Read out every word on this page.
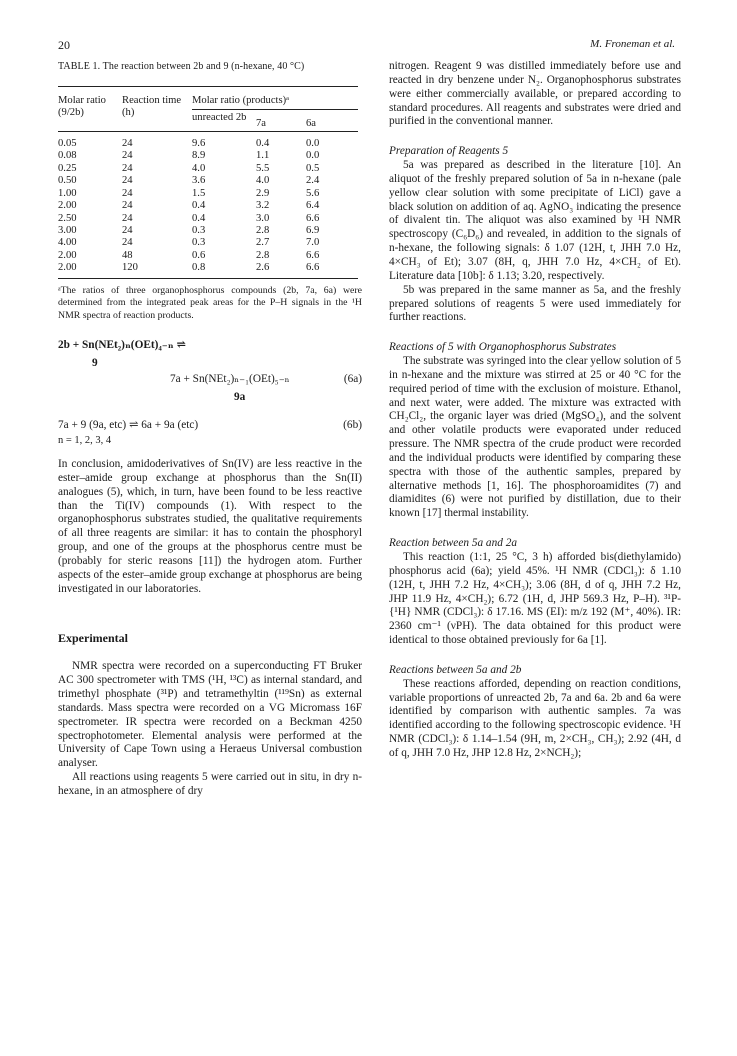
20	M. Froneman et al.
TABLE 1. The reaction between 2b and 9 (n-hexane, 40 °C)
Molar ratio (9/2b)	Reaction time (h)	Molar ratio (products)ᵃ		
		unreacted 2b	7a	6a

0.05	24	9.6	0.4	0.0
0.08	24	8.9	1.1	0.0
0.25	24	4.0	5.5	0.5
0.50	24	3.6	4.0	2.4
1.00	24	1.5	2.9	5.6
2.00	24	0.4	3.2	6.4
2.50	24	0.4	3.0	6.6
3.00	24	0.3	2.8	6.9
4.00	24	0.3	2.7	7.0
2.00	48	0.6	2.8	6.6
2.00	120	0.8	2.6	6.6

ᵃThe ratios of three organophosphorus compounds (2b, 7a, 6a) were determined from the integrated peak areas for the P–H signals in the ¹H NMR spectra of reaction products.
2b + Sn(NEt₂)ₙ(OEt)₄₋ₙ ⇌
9
7a + Sn(NEt₂)ₙ₋₁(OEt)₅₋ₙ	(6a)
9a
7a + 9 (9a, etc) ⇌ 6a + 9a (etc)	(6b)
n = 1, 2, 3, 4

In conclusion, amidoderivatives of Sn(IV) are less reactive in the ester–amide group exchange at phosphorus than the Sn(II) analogues (5), which, in turn, have been found to be less reactive than the Ti(IV) compounds (1). With respect to the organophosphorus substrates studied, the qualitative requirements of all three reagents are similar: it has to contain the phosphoryl group, and one of the groups at the phosphorus centre must be (probably for steric reasons [11]) the hydrogen atom. Further aspects of the ester–amide group exchange at phosphorus are being investigated in our laboratories.

Experimental

NMR spectra were recorded on a superconducting FT Bruker AC 300 spectrometer with TMS (¹H, ¹³C) as internal standard, and trimethyl phosphate (³¹P) and tetramethyltin (¹¹⁹Sn) as external standards. Mass spectra were recorded on a VG Micromass 16F spectrometer. IR spectra were recorded on a Beckman 4250 spectrophotometer. Elemental analysis were performed at the University of Cape Town using a Heraeus Universal combustion analyser.

All reactions using reagents 5 were carried out in situ, in dry n-hexane, in an atmosphere of dry

nitrogen. Reagent 9 was distilled immediately before use and reacted in dry benzene under N₂. Organophosphorus substrates were either commercially available, or prepared according to standard procedures. All reagents and substrates were dried and purified in the conventional manner.

Preparation of Reagents 5

5a was prepared as described in the literature [10]. An aliquot of the freshly prepared solution of 5a in n-hexane (pale yellow clear solution with some precipitate of LiCl) gave a black solution on addition of aq. AgNO₃ indicating the presence of divalent tin. The aliquot was also examined by ¹H NMR spectroscopy (C₆D₆) and revealed, in addition to the signals of n-hexane, the following signals: δ 1.07 (12H, t, JHH 7.0 Hz, 4×CH₃ of Et); 3.07 (8H, q, JHH 7.0 Hz, 4×CH₂ of Et). Literature data [10b]: δ 1.13; 3.20, respectively.

5b was prepared in the same manner as 5a, and the freshly prepared solutions of reagents 5 were used immediately for further reactions.

Reactions of 5 with Organophosphorus Substrates

The substrate was syringed into the clear yellow solution of 5 in n-hexane and the mixture was stirred at 25 or 40 °C for the required period of time with the exclusion of moisture. Ethanol, and next water, were added. The mixture was extracted with CH₂Cl₂, the organic layer was dried (MgSO₄), and the solvent and other volatile products were evaporated under reduced pressure. The NMR spectra of the crude product were recorded and the individual products were identified by comparing these spectra with those of the authentic samples, prepared by alternative methods [1, 16]. The phosphoroamidites (7) and diamidites (6) were not purified by distillation, due to their known [17] thermal instability.

Reaction between 5a and 2a

This reaction (1:1, 25 °C, 3 h) afforded bis(diethylamido) phosphorus acid (6a); yield 45%. ¹H NMR (CDCl₃): δ 1.10 (12H, t, JHH 7.2 Hz, 4×CH₃); 3.06 (8H, d of q, JHH 7.2 Hz, JHP 11.9 Hz, 4×CH₂); 6.72 (1H, d, JHP 569.3 Hz, P–H). ³¹P-{¹H} NMR (CDCl₃): δ 17.16. MS (EI): m/z 192 (M⁺, 40%). IR: 2360 cm⁻¹ (νPH). The data obtained for this product were identical to those obtained previously for 6a [1].

Reactions between 5a and 2b

These reactions afforded, depending on reaction conditions, variable proportions of unreacted 2b, 7a and 6a. 2b and 6a were identified by comparison with authentic samples. 7a was identified according to the following spectroscopic evidence. ¹H NMR (CDCl₃): δ 1.14–1.54 (9H, m, 2×CH₃, CH₃); 2.92 (4H, d of q, JHH 7.0 Hz, JHP 12.8 Hz, 2×NCH₂);
